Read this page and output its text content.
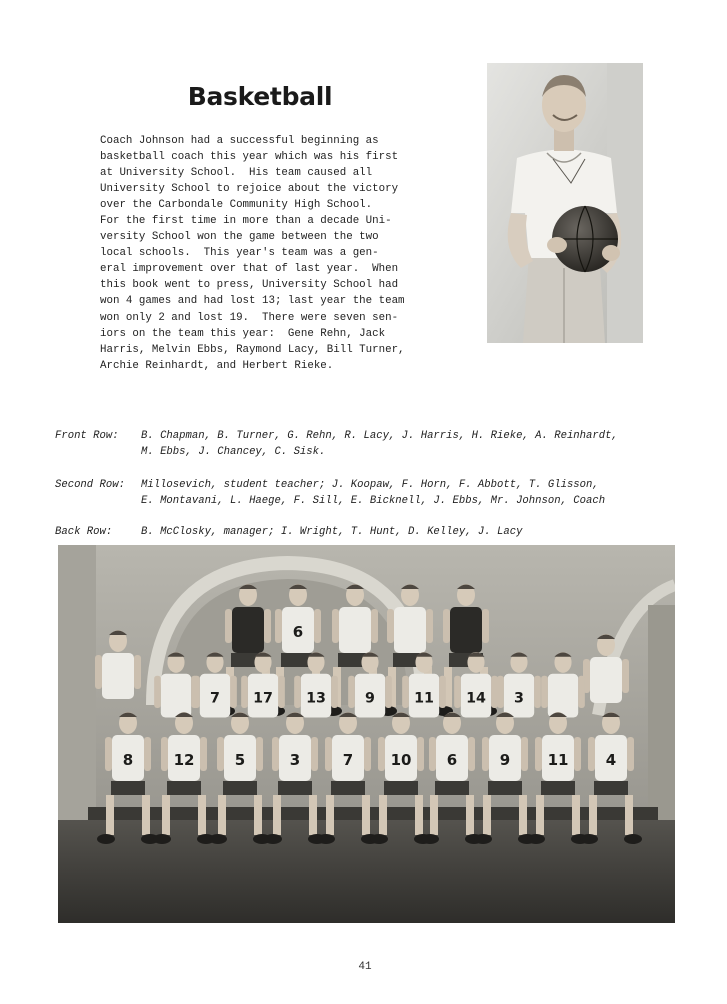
Basketball
Coach Johnson had a successful beginning as
basketball coach this year which was his first
at University School.  His team caused all
University School to rejoice about the victory
over the Carbondale Community High School.
For the first time in more than a decade Uni-
versity School won the game between the two
local schools.  This year's team was a gen-
eral improvement over that of last year.  When
this book went to press, University School had
won 4 games and had lost 13; last year the team
won only 2 and lost 19.  There were seven sen-
iors on the team this year:  Gene Rehn, Jack
Harris, Melvin Ebbs, Raymond Lacy, Bill Turner,
Archie Reinhardt, and Herbert Rieke.
Front Row:	B. Chapman, B. Turner, G. Rehn, R. Lacy, J. Harris, H. Rieke, A. Reinhardt,
M. Ebbs, J. Chancey, C. Sisk.
Second Row:	Millosevich, student teacher; J. Koopaw, F. Horn, F. Abbott, T. Glisson,
E. Montavani, L. Haege, F. Sill, E. Bicknell, J. Ebbs, Mr. Johnson, Coach
Back Row:	B. McClosky, manager; I. Wright, T. Hunt, D. Kelley, J. Lacy
6
7 17 13	9	11 14 3
8	12	5	3	7 10 6	9 11 4
41
